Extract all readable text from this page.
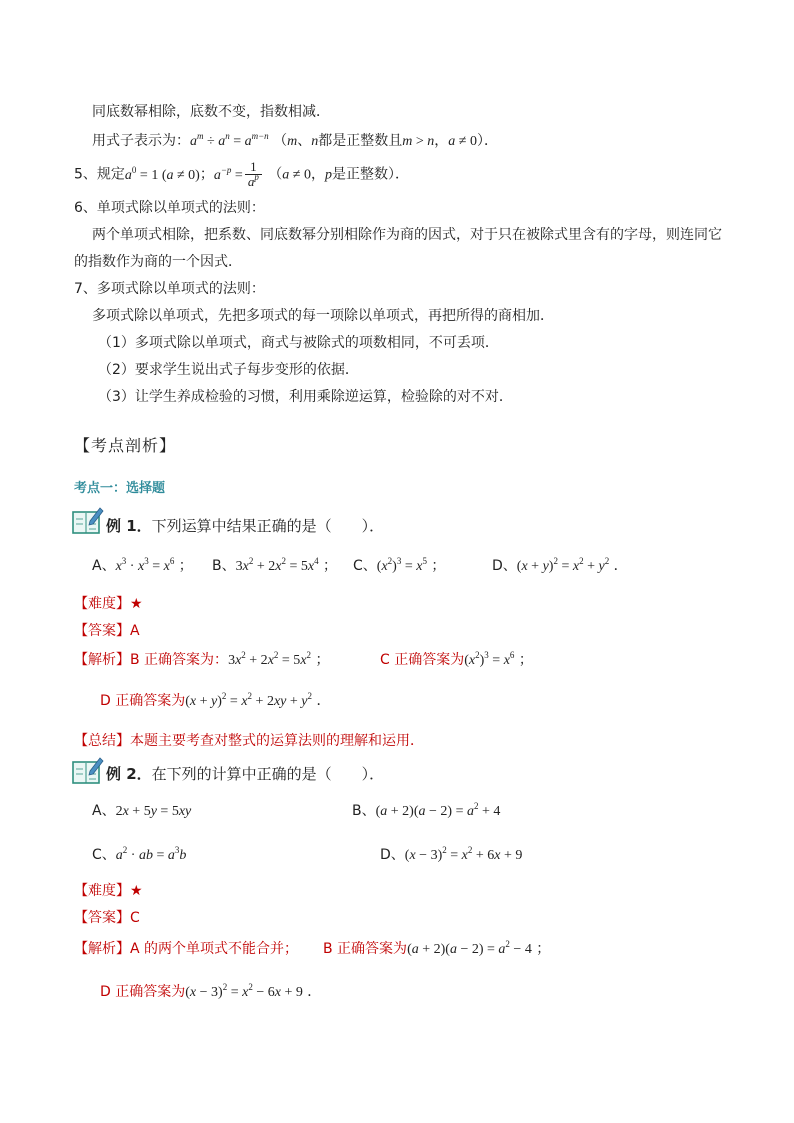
同底数幂相除，底数不变，指数相减．
用式子表示为：$a^m \div a^n = a^{m-n}$ （m、n都是正整数且m > n，a ≠ 0）．
5、规定$a^0 = 1$ (a ≠ 0)；$a^{-p} = \frac{1}{a^p} (a \ne 0$，p是正整数）．
6、单项式除以单项式的法则：
两个单项式相除，把系数、同底数幂分别相除作为商的因式，对于只在被除式里含有的字母，则连同它
的指数作为商的一个因式．
7、多项式除以单项式的法则：
多项式除以单项式，先把多项式的每一项除以单项式，再把所得的商相加．
（1）多项式除以单项式，商式与被除式的项数相同，不可丢项．
（2）要求学生说出式子每步变形的依据．
（3）让学生养成检验的习惯，利用乘除逆运算，检验除的对不对．
【考点剖析】
考点一：选择题
例 1．下列运算中结果正确的是（　　）．
A、$x^3 \cdot x^3 = x^6$ ； B、$3x^2 + 2x^2 = 5x^4$ ； C、$(x^2)^3 = x^5$ ；	D、$(x + y)^2 = x^2 + y^2$ ．
【难度】★
【答案】A
【解析】B 正确答案为：$3x^2 + 2x^2 = 5x^2$ ；	C 正确答案为$(x^2)^3 = x^6$ ；
D 正确答案为$(x + y)^2 = x^2 + 2xy + y^2$ ．
【总结】本题主要考查对整式的运算法则的理解和运用．
例 2．在下列的计算中正确的是（　　）．
A、2x + 5y = 5xy	B、$(a + 2)(a - 2) = a^2 + 4$
C、$a^2$ · ab = $a^3b$	D、$(x - 3)^2 = x^2 + 6x + 9$
【难度】★
【答案】C
【解析】A 的两个单项式不能合并； B 正确答案为$(a + 2)(a - 2) = a^2 - 4$ ；
D 正确答案为$(x - 3)^2 = x^2 - 6x + 9$ ．
